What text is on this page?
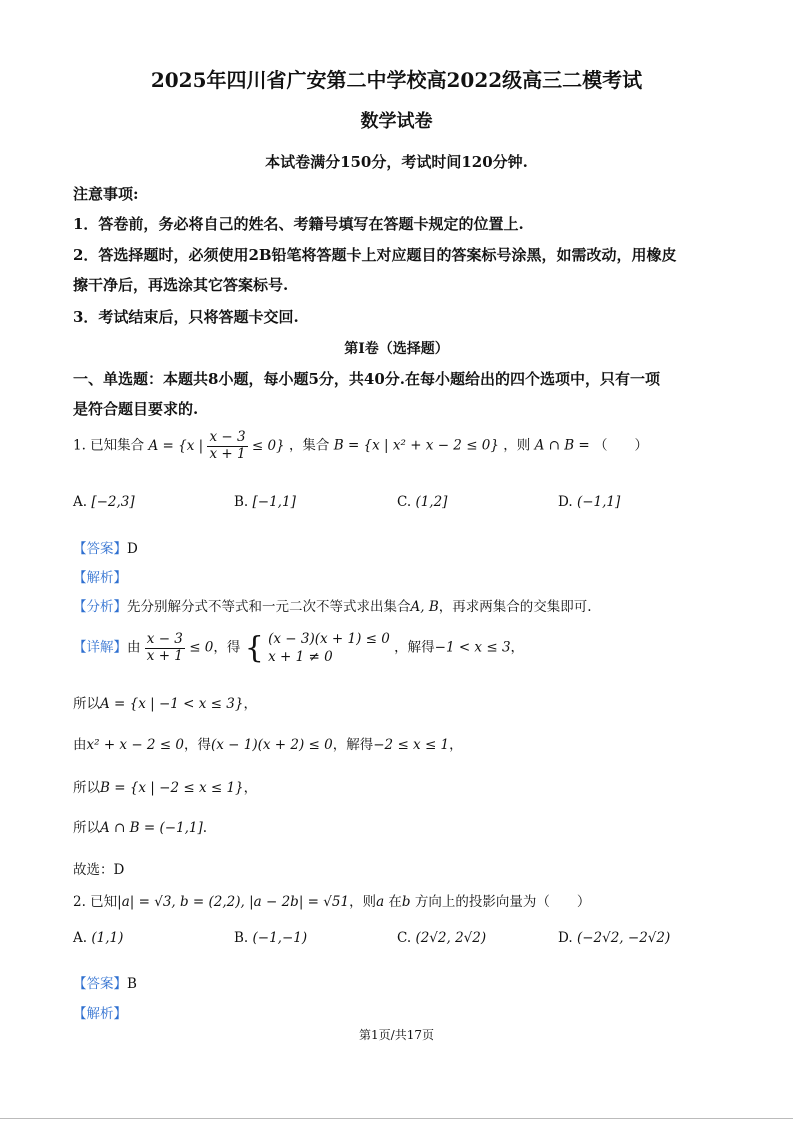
2025年四川省广安第二中学校高2022级高三二模考试
数学试卷
本试卷满分150分，考试时间120分钟.
注意事项:
1．答卷前，务必将自己的姓名、考籍号填写在答题卡规定的位置上.
2．答选择题时，必须使用2B铅笔将答题卡上对应题目的答案标号涂黑，如需改动，用橡皮
擦干净后，再选涂其它答案标号.
3．考试结束后，只将答题卡交回.
第I卷（选择题）
一、单选题：本题共8小题，每小题5分，共40分.在每小题给出的四个选项中，只有一项
是符合题目要求的.
1. 已知集合 A = {x | $\frac{x - 3}{x + 1} \le 0$} ，集合 B = {x | x² + x − 2 ≤ 0} ，则 A ∩ B = （　　）
A. [−2,3]	B. [−1,1]	C. (1,2]	D. (−1,1]
【答案】D
【解析】
【分析】先分别解分式不等式和一元二次不等式求出集合A, B，再求两集合的交集即可.
【详解】由 $\frac{x - 3}{x + 1} \le 0$，得 { (x − 3)(x + 1) ≤ 0
x + 1 ≠ 0
，解得−1 < x ≤ 3，
所以A = {x | −1 < x ≤ 3}，
由x² + x − 2 ≤ 0，得(x − 1)(x + 2) ≤ 0，解得−2 ≤ x ≤ 1，
所以B = {x | −2 ≤ x ≤ 1}，
所以A ∩ B = (−1,1].
故选：D
2. 已知|a| = √3, b = (2,2), |a − 2b| = √51，则a 在b 方向上的投影向量为（　　）
A. (1,1)	B. (−1,−1)	C. (2√2, 2√2)	D. (−2√2, −2√2)
【答案】B
【解析】
第1页/共17页
